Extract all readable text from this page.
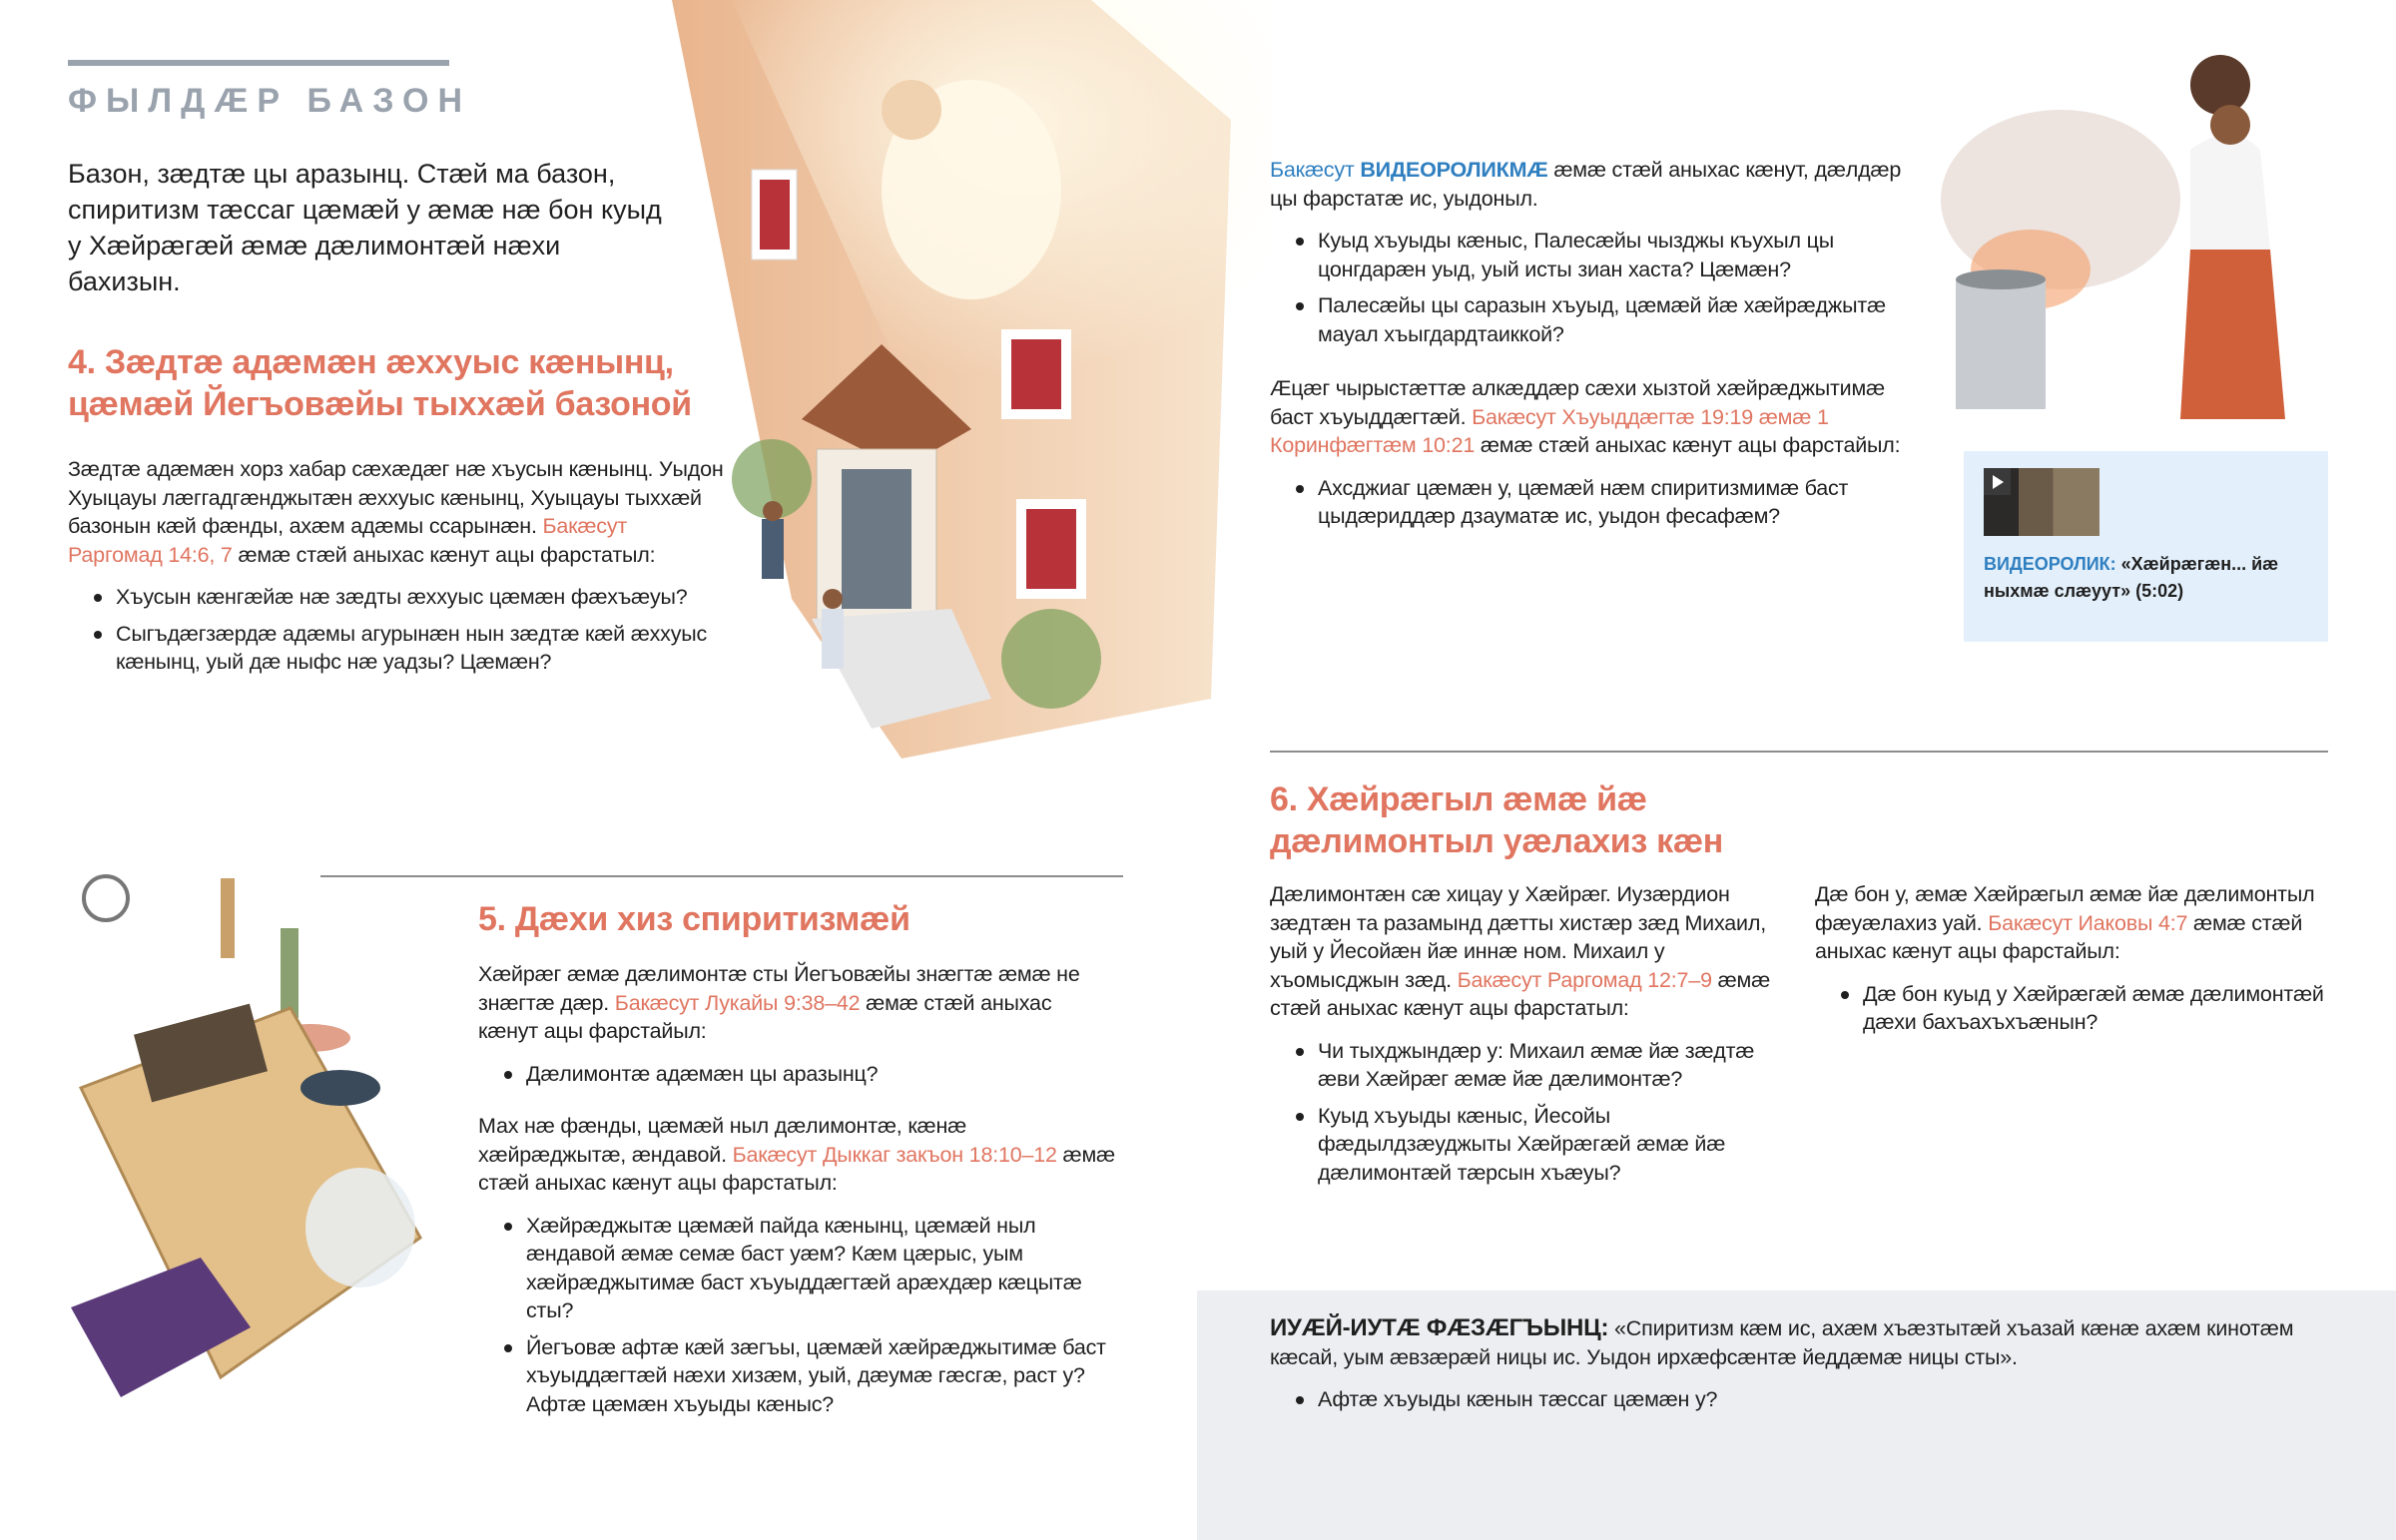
ФЫЛДÆР БАЗОН

Базон, зæдтæ цы аразынц. Стæй ма базон, спиритизм тæссаг цæмæй у æмæ нæ бон куыд у Хæйрæгæй æмæ дæлимонтæй нæхи бахизын.

4. Зæдтæ адæмæн æххуыс кæнынц, цæмæй Йегъовæйы тыххæй базоной

Зæдтæ адæмæн хорз хабар сæхæдæг нæ хъусын кæнынц. Уыдон Хуыцауы лæггадгæнджытæн æххуыс кæнынц, Хуыцауы тыххæй базонын кæй фæнды, ахæм адæмы ссарынæн. Бакæсут Раргомад 14:6, 7 æмæ стæй аныхас кæнут ацы фарстатыл:

Хъусын кæнгæйæ нæ зæдты æххуыс цæмæн фæхъæуы?
Сыгъдæгзæрдæ адæмы агурынæн нын зæдтæ кæй æххуыс кæнынц, уый дæ ныфс нæ уадзы? Цæмæн?

Бакæсут ВИДЕОРОЛИКМÆ æмæ стæй аныхас кæнут, дæлдæр цы фарстатæ ис, уыдоныл.

Куыд хъуыды кæныс, Палесæйы чызджы къухыл цы цонгдарæн уыд, уый исты зиан хаста? Цæмæн?
Палесæйы цы саразын хъуыд, цæмæй йæ хæйрæджытæ мауал хъыгдардтаиккой?

Æцæг чырыстæттæ алкæддæр сæхи хызтой хæйрæджытимæ баст хъуыддæгтæй. Бакæсут Хъуыддæгтæ 19:19 æмæ 1 Коринфæгтæм 10:21 æмæ стæй аныхас кæнут ацы фарстайыл:

Ахсджиаг цæмæн у, цæмæй нæм спиритизмимæ баст цыдæриддæр дзауматæ ис, уыдон фесафæм?
ВИДЕОРОЛИК: «Хæйрæгæн... йæ ныхмæ слæуут» (5:02)
6. Хæйрæгыл æмæ йæ дæлимонтыл уæлахиз кæн

Дæлимонтæн сæ хицау у Хæйрæг. Иузæрдион зæдтæн та разамынд дæтты хистæр зæд Михаил, уый у Йесойæн йæ иннæ ном. Михаил у хъомысджын зæд. Бакæсут Раргомад 12:7–9 æмæ стæй аныхас кæнут ацы фарстатыл:

Чи тыхджындæр у: Михаил æмæ йæ зæдтæ æви Хæйрæг æмæ йæ дæлимонтæ?
Куыд хъуыды кæныс, Йесойы фæдылдзæуджыты Хæйрæгæй æмæ йæ дæлимонтæй тæрсын хъæуы?

Дæ бон у, æмæ Хæйрæгыл æмæ йæ дæлимонтыл фæуæлахиз уай. Бакæсут Иаковы 4:7 æмæ стæй аныхас кæнут ацы фарстайыл:

Дæ бон куыд у Хæйрæгæй æмæ дæлимонтæй дæхи бахъахъхъæнын?
5. Дæхи хиз спиритизмæй

Хæйрæг æмæ дæлимонтæ сты Йегъовæйы знæгтæ æмæ не знæгтæ дæр. Бакæсут Лукайы 9:38–42 æмæ стæй аныхас кæнут ацы фарстайыл:

Дæлимонтæ адæмæн цы аразынц?

Мах нæ фæнды, цæмæй ныл дæлимонтæ, кæнæ хæйрæджытæ, æндавой. Бакæсут Дыккаг закъон 18:10–12 æмæ стæй аныхас кæнут ацы фарстатыл:

Хæйрæджытæ цæмæй пайда кæнынц, цæмæй ныл æндавой æмæ семæ баст уæм? Кæм цæрыс, уым хæйрæджытимæ баст хъуыддæгтæй арæхдæр кæцытæ сты?
Йегъовæ афтæ кæй зæгъы, цæмæй хæйрæджытимæ баст хъуыддæгтæй нæхи хизæм, уый, дæумæ гæсгæ, раст у? Афтæ цæмæн хъуыды кæныс?

ИУÆЙ-ИУТÆ ФÆЗÆГЪЫНЦ: «Спиритизм кæм ис, ахæм хъæзтытæй хъазай кæнæ ахæм кинотæм кæсай, уым æвзæрæй ницы ис. Уыдон ирхæфсæнтæ йеддæмæ ницы сты».

Афтæ хъуыды кæнын тæссаг цæмæн у?
